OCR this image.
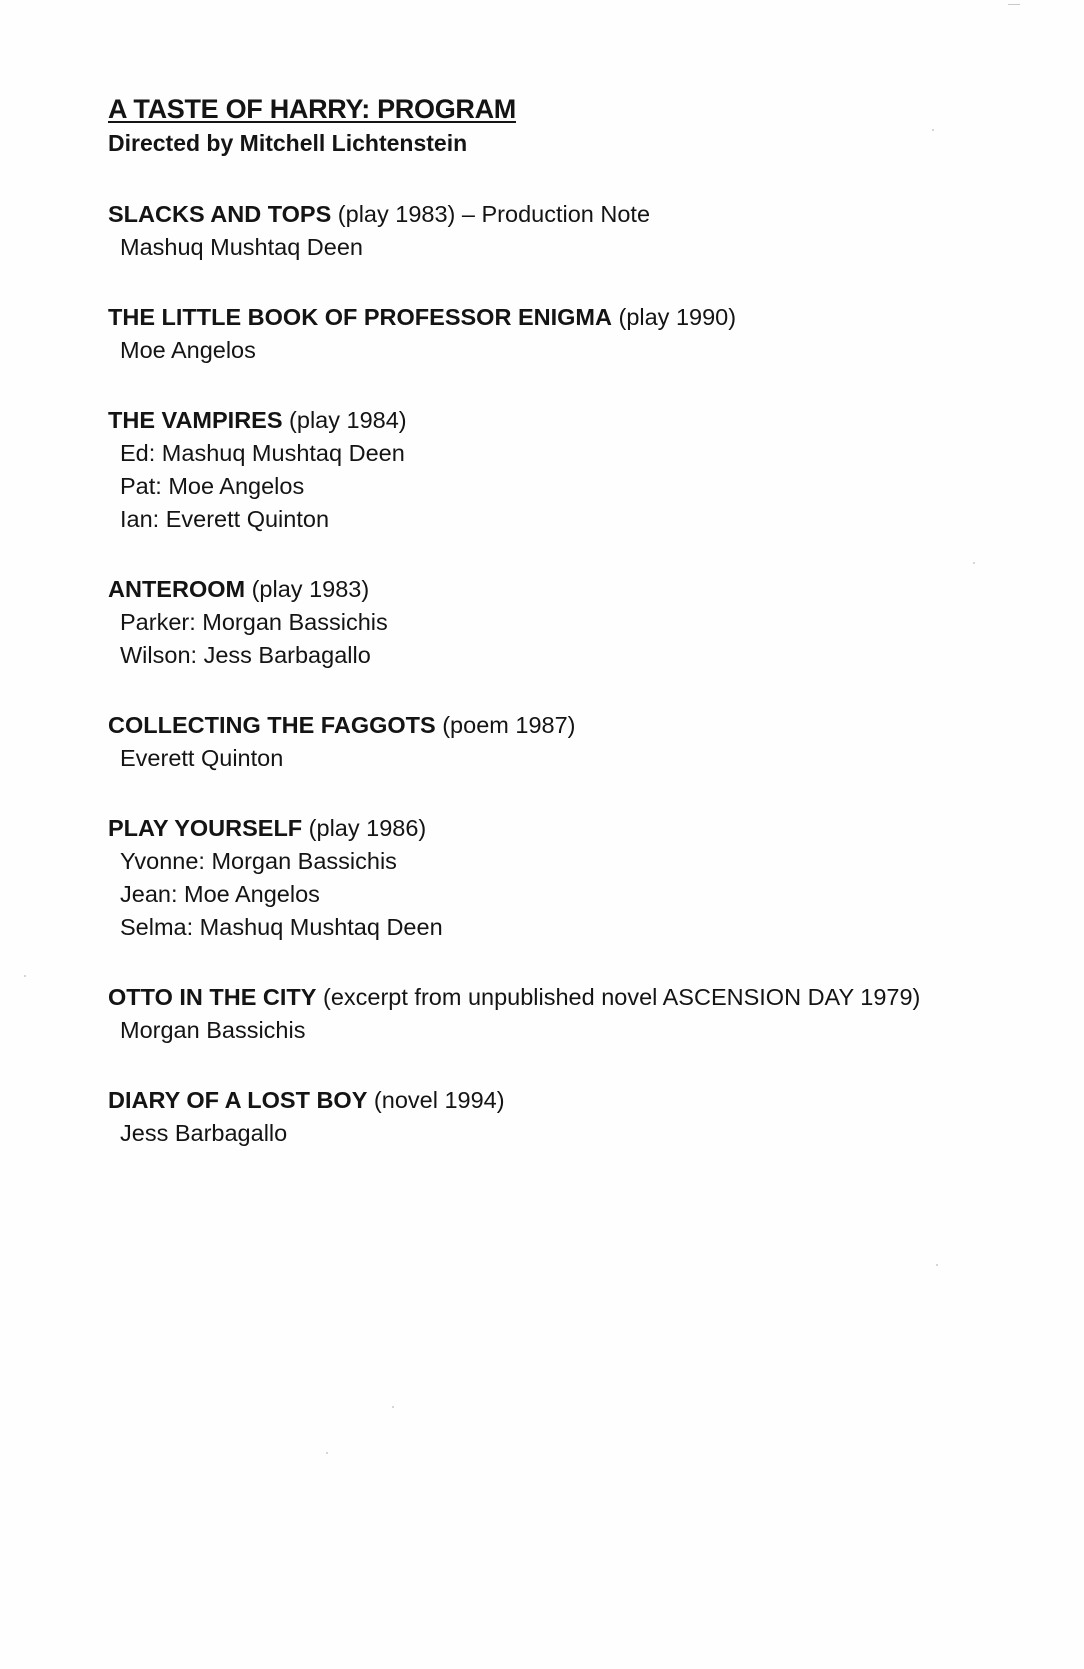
A TASTE OF HARRY: PROGRAM

Directed by Mitchell Lichtenstein

SLACKS AND TOPS (play 1983) – Production Note

Mashuq Mushtaq Deen

THE LITTLE BOOK OF PROFESSOR ENIGMA (play 1990)

Moe Angelos

THE VAMPIRES (play 1984)

Ed: Mashuq Mushtaq Deen

Pat: Moe Angelos

Ian: Everett Quinton

ANTEROOM (play 1983)

Parker: Morgan Bassichis

Wilson: Jess Barbagallo

COLLECTING THE FAGGOTS (poem 1987)

Everett Quinton

PLAY YOURSELF (play 1986)

Yvonne: Morgan Bassichis

Jean: Moe Angelos

Selma: Mashuq Mushtaq Deen

OTTO IN THE CITY (excerpt from unpublished novel ASCENSION DAY 1979)

Morgan Bassichis

DIARY OF A LOST BOY (novel 1994)

Jess Barbagallo
